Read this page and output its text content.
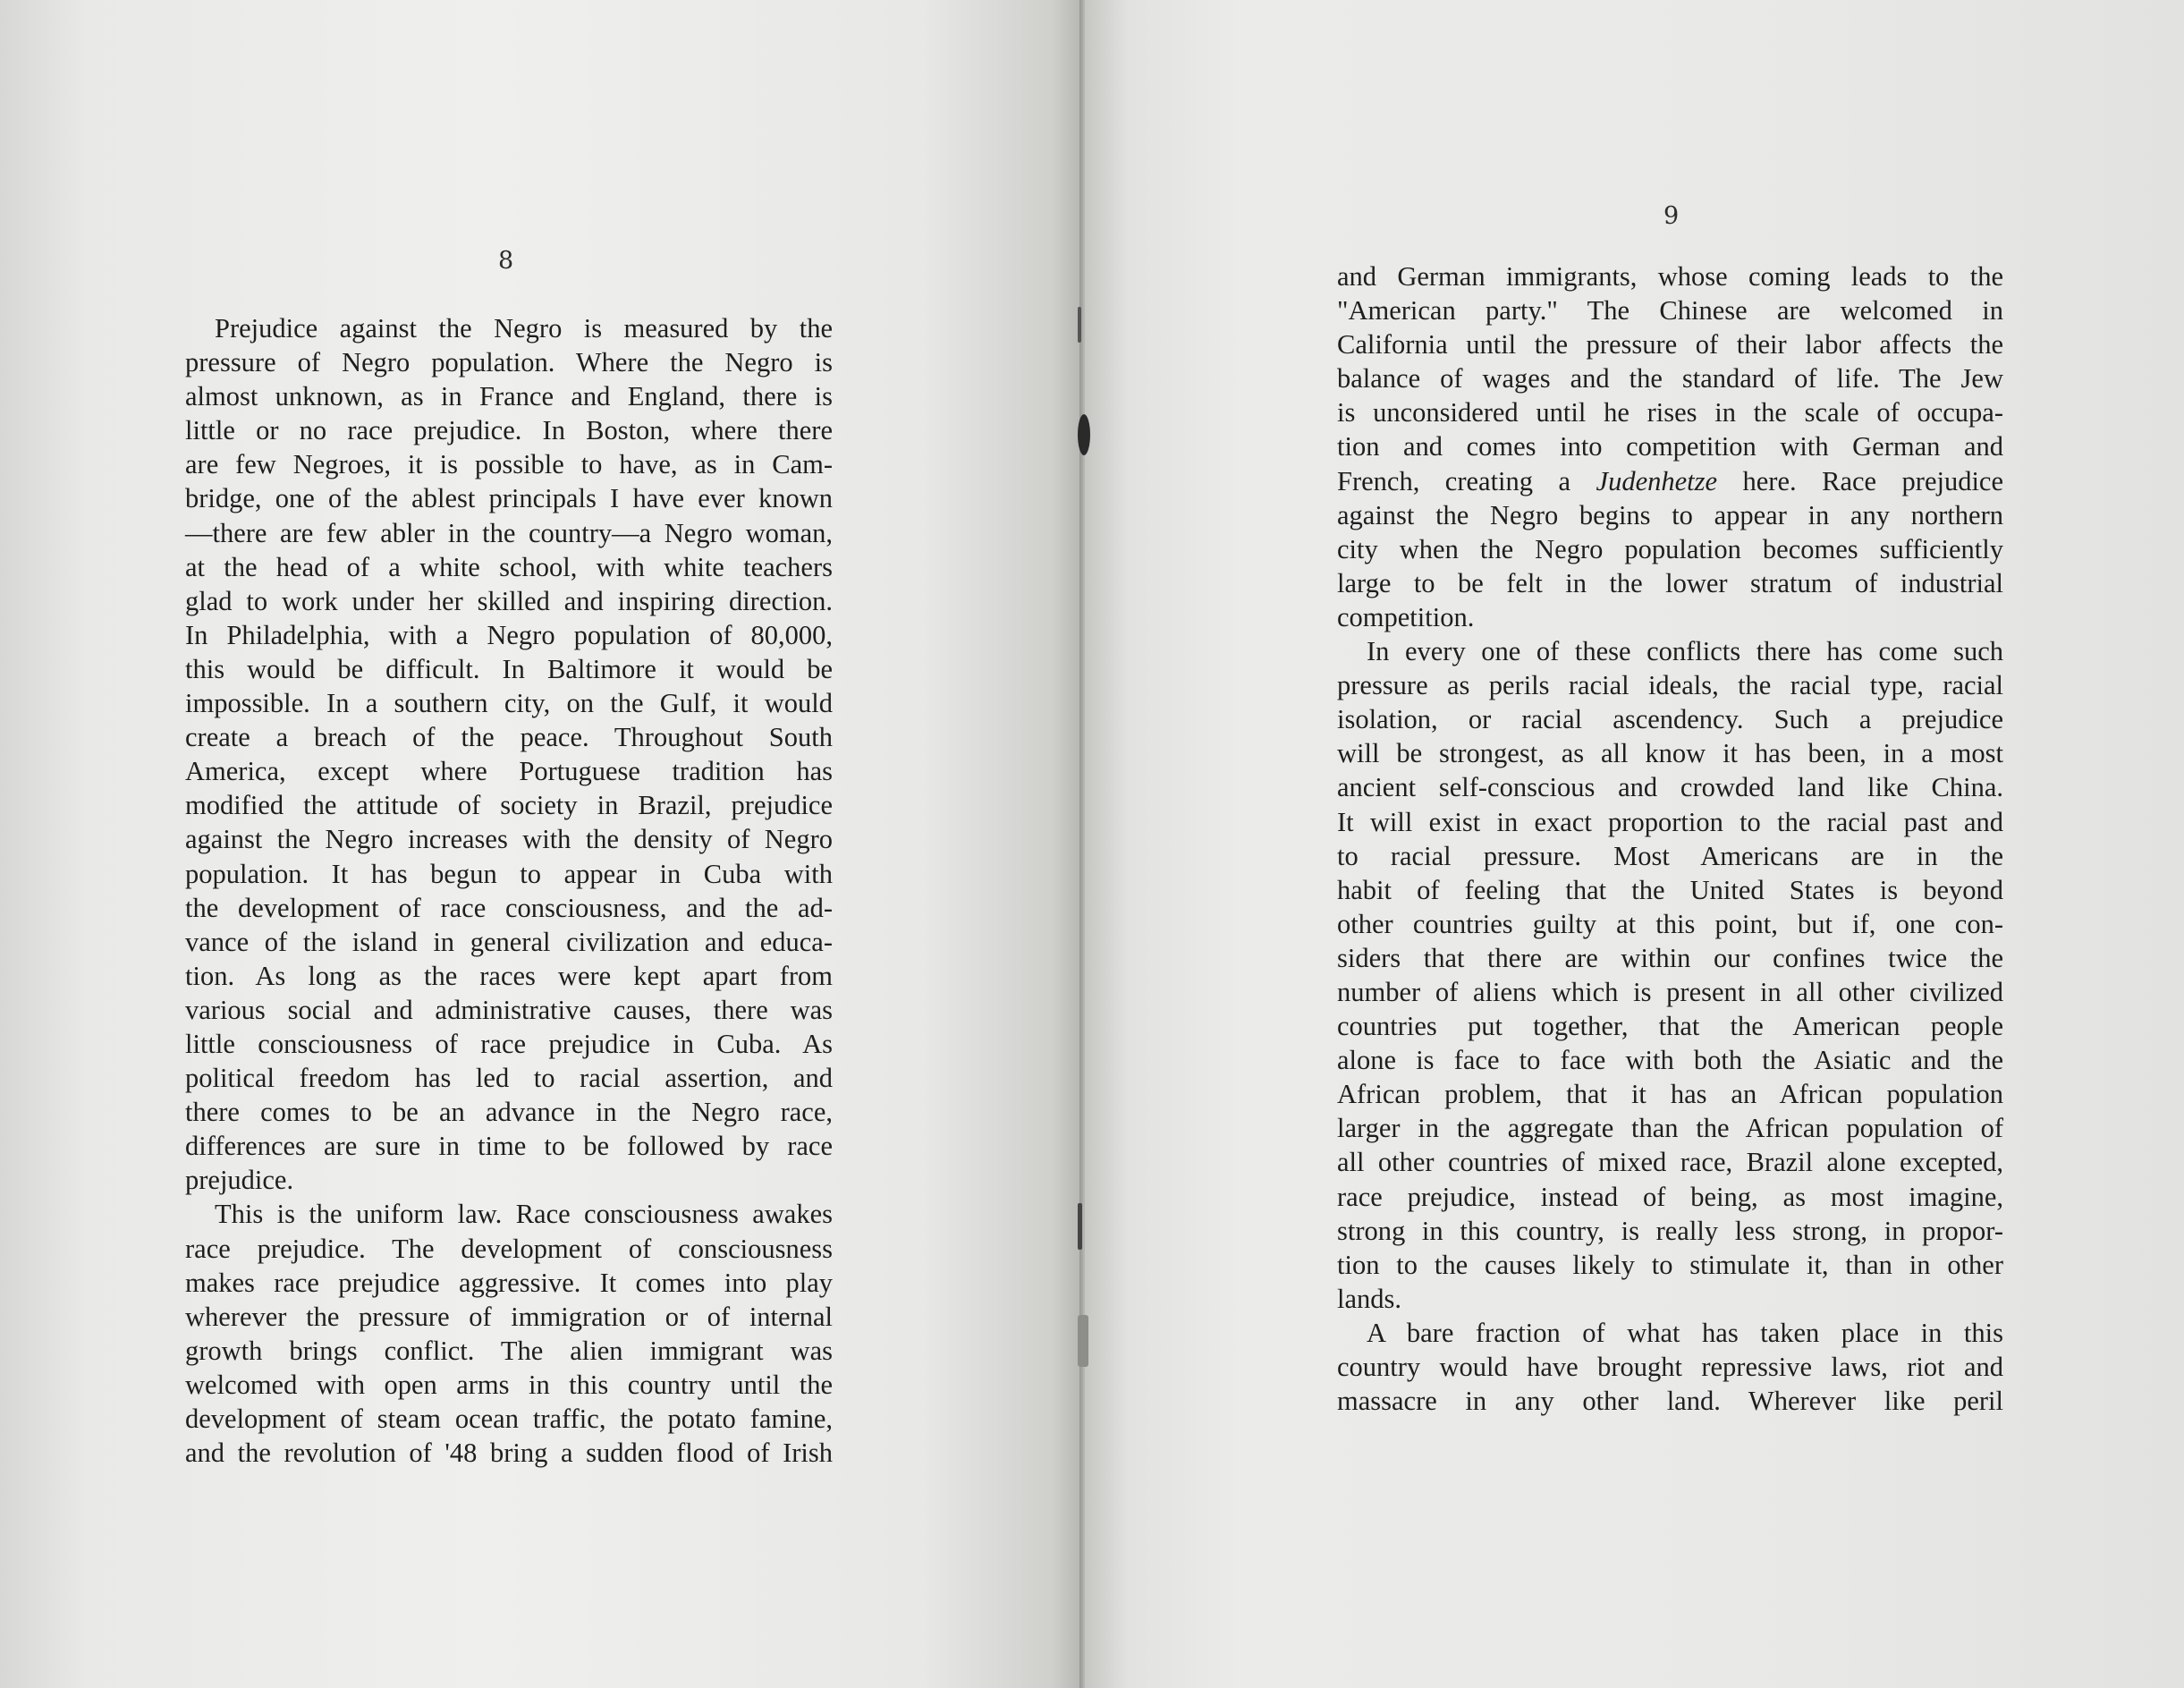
8
Prejudice against the Negro is measured by the
pressure of Negro population. Where the Negro is
almost unknown, as in France and England, there is
little or no race prejudice. In Boston, where there
are few Negroes, it is possible to have, as in Cam-
bridge, one of the ablest principals I have ever known
—there are few abler in the country—a Negro woman,
at the head of a white school, with white teachers
glad to work under her skilled and inspiring direction.
In Philadelphia, with a Negro population of 80,000,
this would be difficult. In Baltimore it would be
impossible. In a southern city, on the Gulf, it would
create a breach of the peace. Throughout South
America, except where Portuguese tradition has
modified the attitude of society in Brazil, prejudice
against the Negro increases with the density of Negro
population. It has begun to appear in Cuba with
the development of race consciousness, and the ad-
vance of the island in general civilization and educa-
tion. As long as the races were kept apart from
various social and administrative causes, there was
little consciousness of race prejudice in Cuba. As
political freedom has led to racial assertion, and
there comes to be an advance in the Negro race,
differences are sure in time to be followed by race
prejudice.
This is the uniform law. Race consciousness awakes
race prejudice. The development of consciousness
makes race prejudice aggressive. It comes into play
wherever the pressure of immigration or of internal
growth brings conflict. The alien immigrant was
welcomed with open arms in this country until the
development of steam ocean traffic, the potato famine,
and the revolution of '48 bring a sudden flood of Irish
9
and German immigrants, whose coming leads to the
"American party." The Chinese are welcomed in
California until the pressure of their labor affects the
balance of wages and the standard of life. The Jew
is unconsidered until he rises in the scale of occupa-
tion and comes into competition with German and
French, creating a Judenhetze here. Race prejudice
against the Negro begins to appear in any northern
city when the Negro population becomes sufficiently
large to be felt in the lower stratum of industrial
competition.
In every one of these conflicts there has come such
pressure as perils racial ideals, the racial type, racial
isolation, or racial ascendency. Such a prejudice
will be strongest, as all know it has been, in a most
ancient self-conscious and crowded land like China.
It will exist in exact proportion to the racial past and
to racial pressure. Most Americans are in the
habit of feeling that the United States is beyond
other countries guilty at this point, but if, one con-
siders that there are within our confines twice the
number of aliens which is present in all other civilized
countries put together, that the American people
alone is face to face with both the Asiatic and the
African problem, that it has an African population
larger in the aggregate than the African population of
all other countries of mixed race, Brazil alone excepted,
race prejudice, instead of being, as most imagine,
strong in this country, is really less strong, in propor-
tion to the causes likely to stimulate it, than in other
lands.
A bare fraction of what has taken place in this
country would have brought repressive laws, riot and
massacre in any other land. Wherever like peril
